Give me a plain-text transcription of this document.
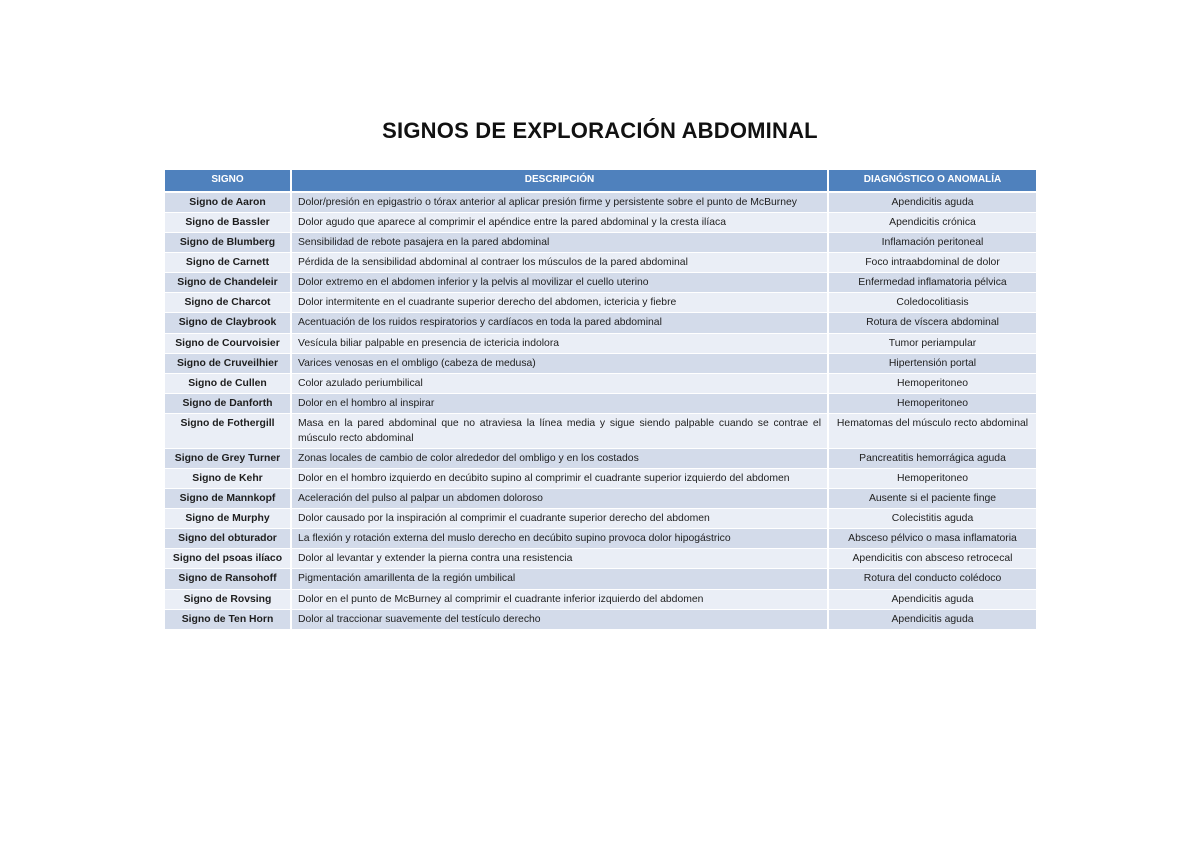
SIGNOS DE EXPLORACIÓN ABDOMINAL
SIGNO	DESCRIPCIÓN	DIAGNÓSTICO O ANOMALÍA
Signo de Aaron	Dolor/presión en epigastrio o tórax anterior al aplicar presión firme y persistente sobre el punto de McBurney	Apendicitis aguda
Signo de Bassler	Dolor agudo que aparece al comprimir el apéndice entre la pared abdominal y la cresta ilíaca	Apendicitis crónica
Signo de Blumberg	Sensibilidad de rebote pasajera en la pared abdominal	Inflamación peritoneal
Signo de Carnett	Pérdida de la sensibilidad abdominal al contraer los músculos de la pared abdominal	Foco intraabdominal de dolor
Signo de Chandeleir	Dolor extremo en el abdomen inferior y la pelvis al movilizar el cuello uterino	Enfermedad inflamatoria pélvica
Signo de Charcot	Dolor intermitente en el cuadrante superior derecho del abdomen, ictericia y fiebre	Coledocolitiasis
Signo de Claybrook	Acentuación de los ruidos respiratorios y cardíacos en toda la pared abdominal	Rotura de víscera abdominal
Signo de Courvoisier	Vesícula biliar palpable en presencia de ictericia indolora	Tumor periampular
Signo de Cruveilhier	Varices venosas en el ombligo (cabeza de medusa)	Hipertensión portal
Signo de Cullen	Color azulado periumbilical	Hemoperitoneo
Signo de Danforth	Dolor en el hombro al inspirar	Hemoperitoneo
Signo de Fothergill	Masa en la pared abdominal que no atraviesa la línea media y sigue siendo palpable cuando se contrae el músculo recto abdominal	Hematomas del músculo recto abdominal
Signo de Grey Turner	Zonas locales de cambio de color alrededor del ombligo y en los costados	Pancreatitis hemorrágica aguda
Signo de Kehr	Dolor en el hombro izquierdo en decúbito supino al comprimir el cuadrante superior izquierdo del abdomen	Hemoperitoneo
Signo de Mannkopf	Aceleración del pulso al palpar un abdomen doloroso	Ausente si el paciente finge
Signo de Murphy	Dolor causado por la inspiración al comprimir el cuadrante superior derecho del abdomen	Colecistitis aguda
Signo del obturador	La flexión y rotación externa del muslo derecho en decúbito supino provoca dolor hipogástrico	Absceso pélvico o masa inflamatoria
Signo del psoas ilíaco	Dolor al levantar y extender la pierna contra una resistencia	Apendicitis con absceso retrocecal
Signo de Ransohoff	Pigmentación amarillenta de la región umbilical	Rotura del conducto colédoco
Signo de Rovsing	Dolor en el punto de McBurney al comprimir el cuadrante inferior izquierdo del abdomen	Apendicitis aguda
Signo de Ten Horn	Dolor al traccionar suavemente del testículo derecho	Apendicitis aguda
